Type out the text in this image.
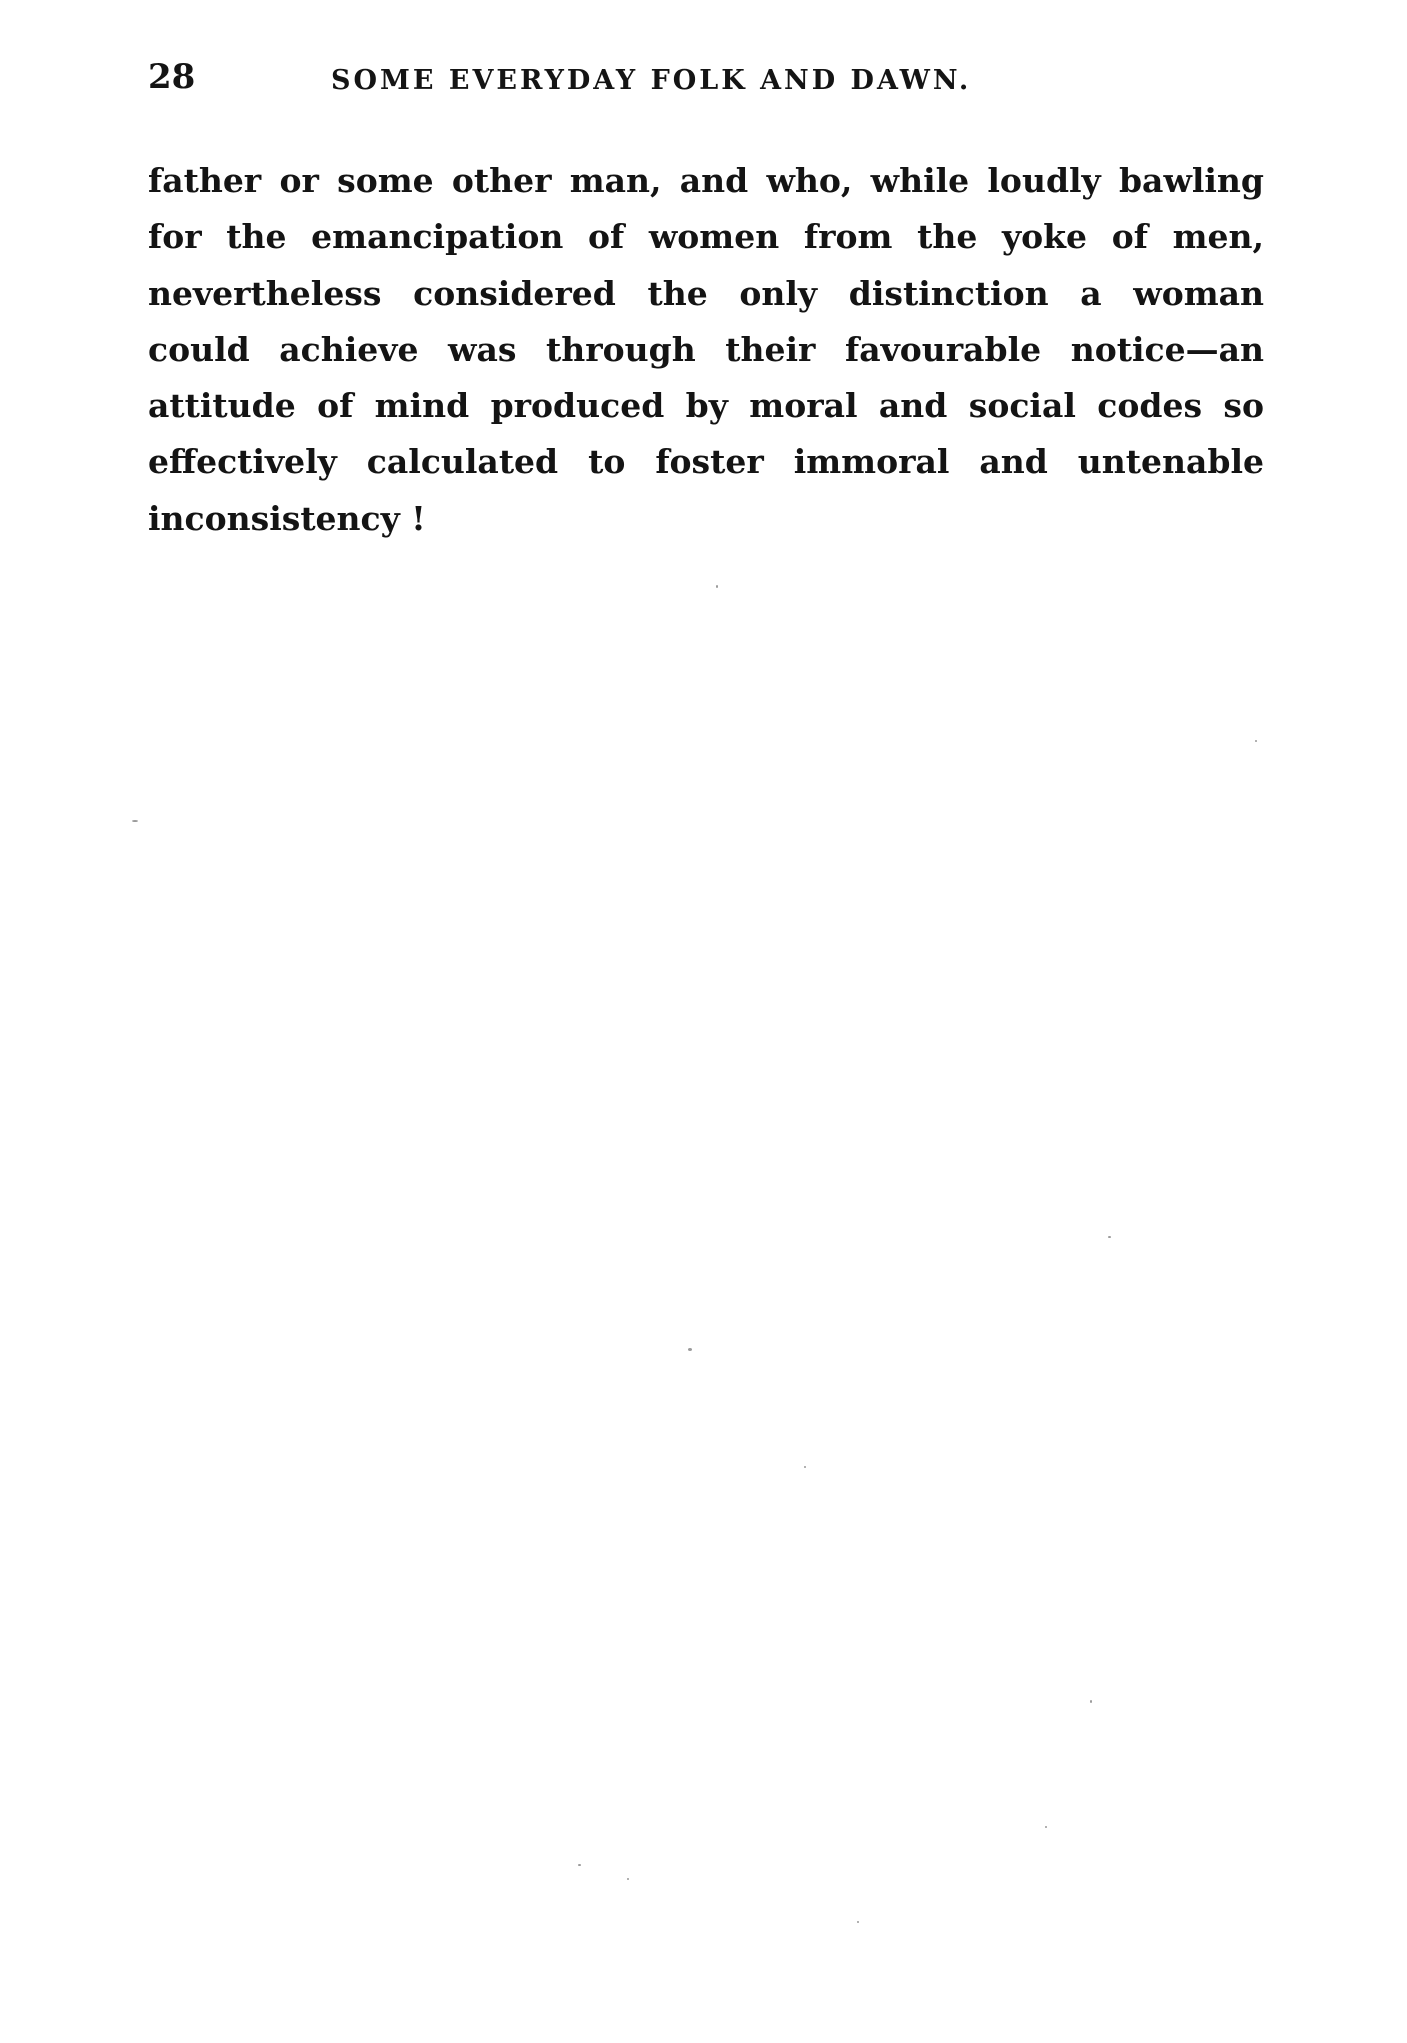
28	SOME EVERYDAY FOLK AND DAWN.
father or some other man, and who, while loudly bawling
for the emancipation of women from the yoke of men,
nevertheless considered the only distinction a woman
could achieve was through their favourable notice—an
attitude of mind produced by moral and social codes so
effectively calculated to foster immoral and untenable
inconsistency !
